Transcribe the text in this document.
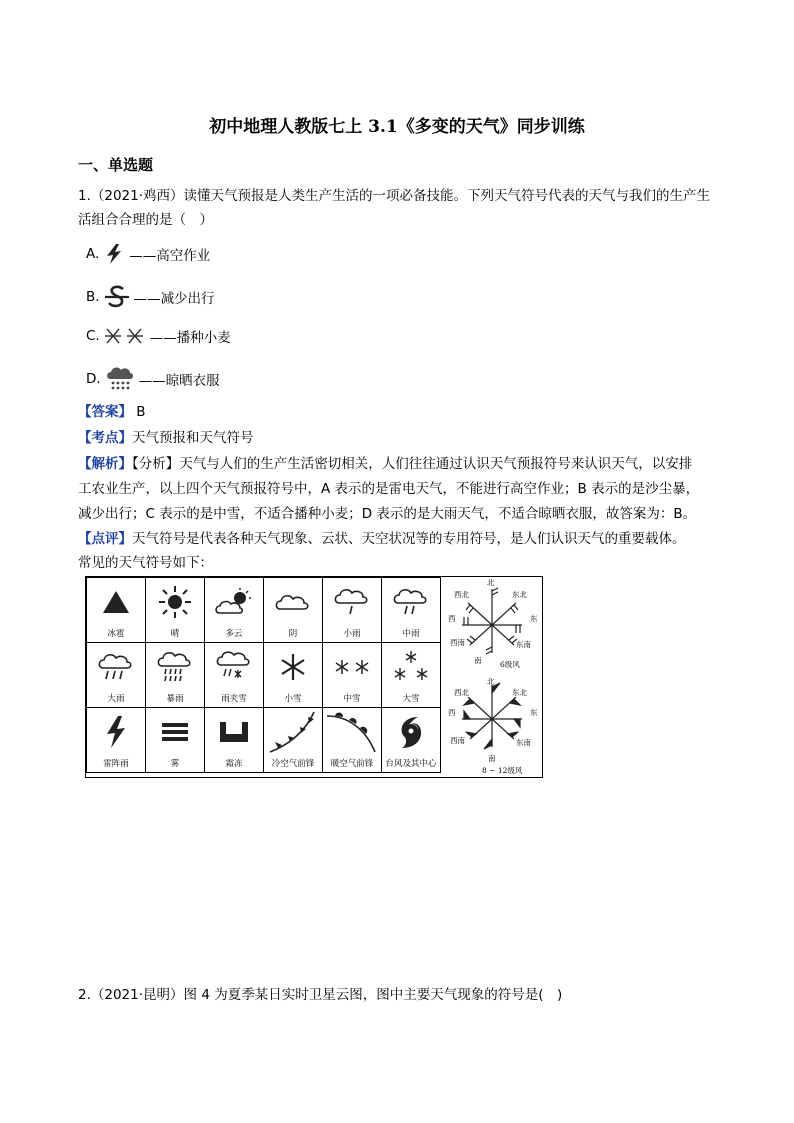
初中地理人教版七上 3.1《多变的天气》同步训练
一、单选题
1.（2021·鸡西）读懂天气预报是人类生产生活的一项必备技能。下列天气符号代表的天气与我们的生产生
活组合合理的是（　）
A. ——高空作业
B.	——减少出行
C.	——播种小麦
D.	——晾晒衣服
【答案】 B
【考点】天气预报和天气符号
【解析】【分析】天气与人们的生产生活密切相关，人们往往通过认识天气预报符号来认识天气，以安排
工农业生产，以上四个天气预报符号中，A 表示的是雷电天气，不能进行高空作业；B 表示的是沙尘暴，
减少出行；C 表示的是中雪，不适合播种小麦；D 表示的是大雨天气，不适合晾晒衣服，故答案为：B。
【点评】天气符号是代表各种天气现象、云状、天空状况等的专用符号，是人们认识天气的重要载体。
常见的天气符号如下：
冰雹	晴	多云	阴	小雨	中雨

大雨	暴雨	雨夹雪	小雪	中雪	大雪

雷阵雨	雾	霜冻	冷空气前锋	暖空气前锋	台风及其中心
北
西北	东北
西	东
西南	东南
南 6级风
北
西北	东北
西	东
西南	东南
南
8 ~ 12级风
2.（2021·昆明）图 4 为夏季某日实时卫星云图，图中主要天气现象的符号是(　)
